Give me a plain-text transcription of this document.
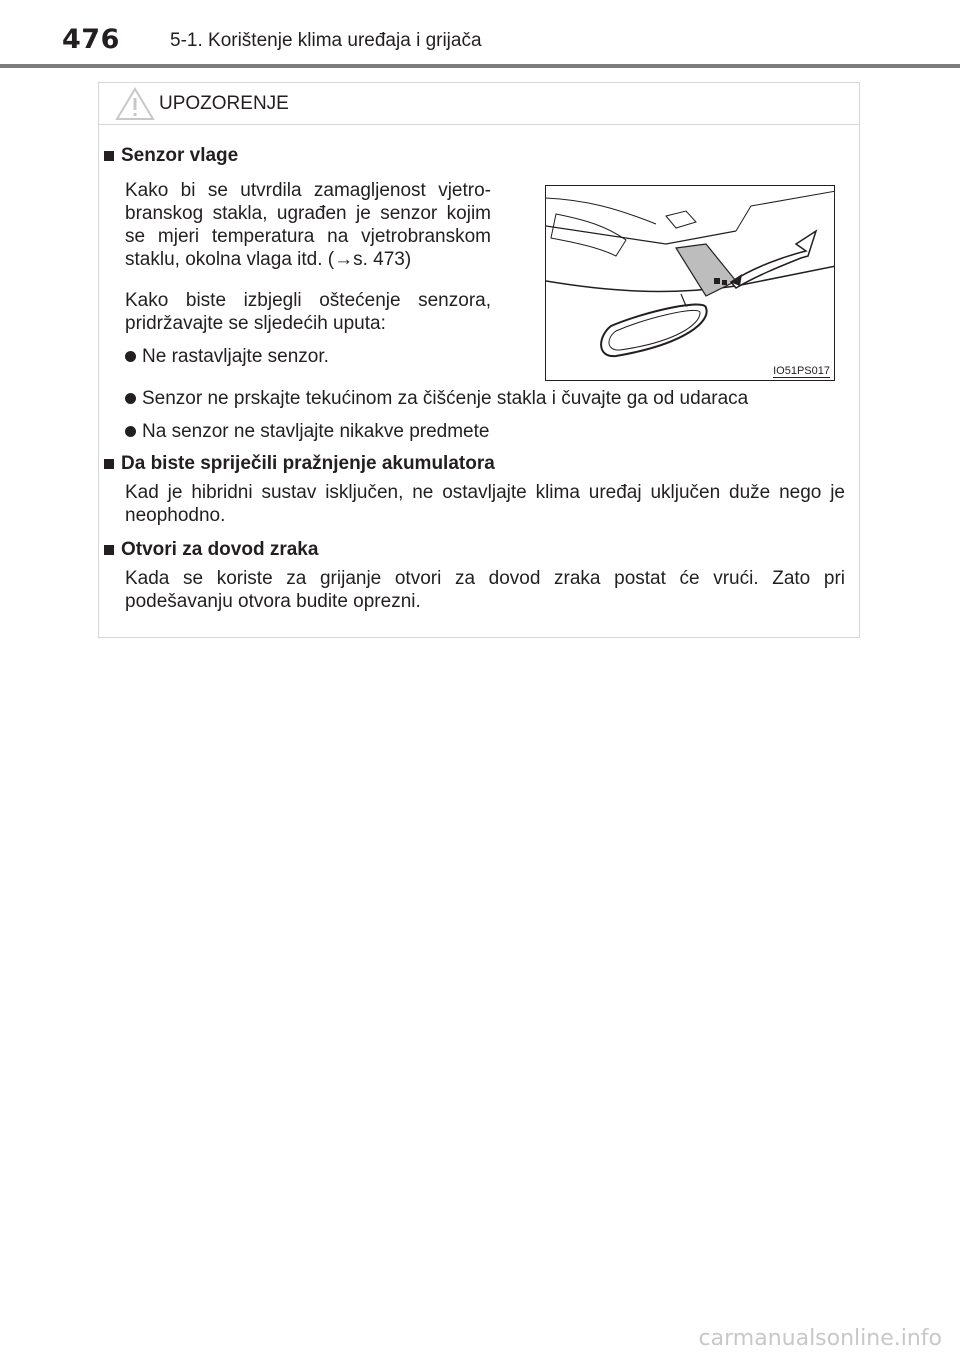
476	5-1. Korištenje klima uređaja i grijača
UPOZORENJE
Senzor vlage
Kako bi se utvrdila zamagljenost vjetro-branskog stakla, ugrađen je senzor kojim se mjeri temperatura na vjetrobranskom staklu, okolna vlaga itd. (→s. 473)
Kako biste izbjegli oštećenje senzora, pridržavajte se sljedećih uputa:
Ne rastavljajte senzor.
IO51PS017
Senzor ne prskajte tekućinom za čišćenje stakla i čuvajte ga od udaraca
Na senzor ne stavljajte nikakve predmete
Da biste spriječili pražnjenje akumulatora
Kad je hibridni sustav isključen, ne ostavljajte klima uređaj uključen duže nego je neophodno.
Otvori za dovod zraka
Kada se koriste za grijanje otvori za dovod zraka postat će vrući. Zato pri podešavanju otvora budite oprezni.
carmanualsonline.info
